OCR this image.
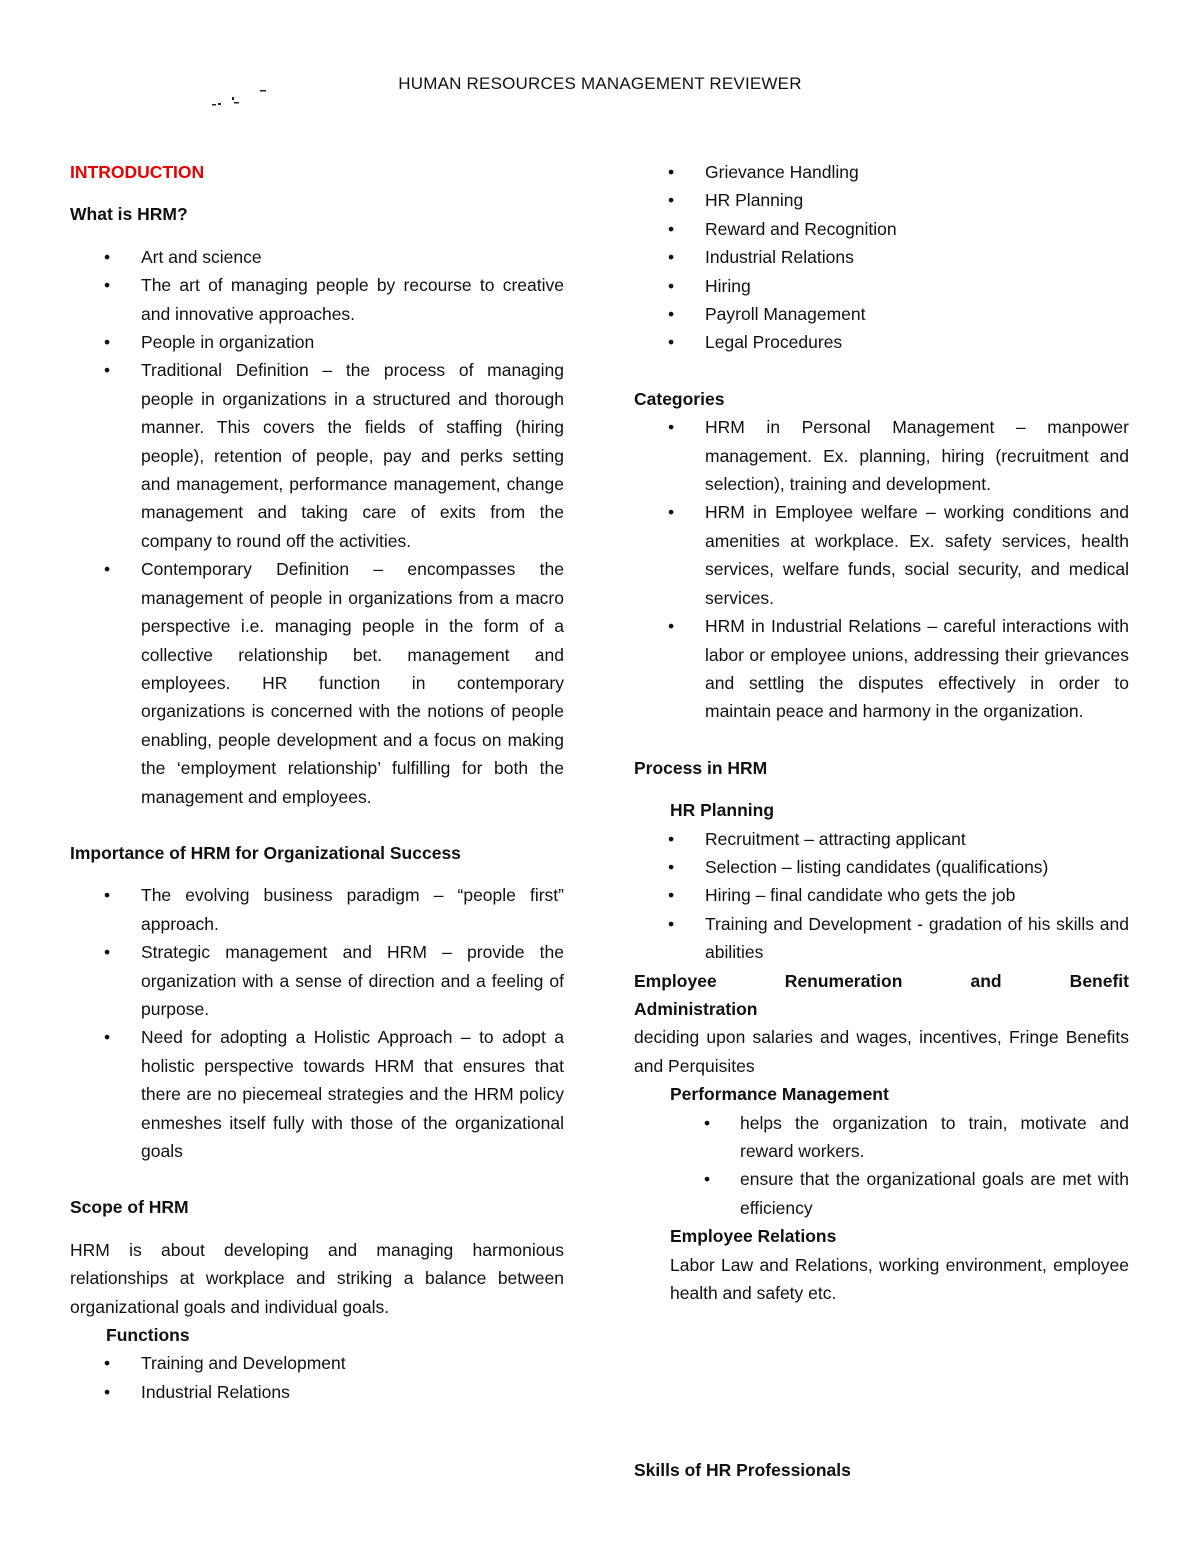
HUMAN RESOURCES MANAGEMENT REVIEWER

INTRODUCTION

What is HRM?

• Art and science
• The art of managing people by recourse to creative and innovative approaches.
• People in organization
• Traditional Definition – the process of managing people in organizations in a structured and thorough manner. This covers the fields of staffing (hiring people), retention of people, pay and perks setting and management, performance management, change management and taking care of exits from the company to round off the activities.
• Contemporary Definition – encompasses the management of people in organizations from a macro perspective i.e. managing people in the form of a collective relationship bet. management and employees. HR function in contemporary organizations is concerned with the notions of people enabling, people development and a focus on making the ‘employment relationship’ fulfilling for both the management and employees.

Importance of HRM for Organizational Success

• The evolving business paradigm – “people first” approach.
• Strategic management and HRM – provide the organization with a sense of direction and a feeling of purpose.
• Need for adopting a Holistic Approach – to adopt a holistic perspective towards HRM that ensures that there are no piecemeal strategies and the HRM policy enmeshes itself fully with those of the organizational goals

Scope of HRM

HRM is about developing and managing harmonious relationships at workplace and striking a balance between organizational goals and individual goals.

Functions

• Training and Development
• Industrial Relations
• Grievance Handling
• HR Planning
• Reward and Recognition
• Industrial Relations
• Hiring
• Payroll Management
• Legal Procedures

Categories

• HRM in Personal Management – manpower management. Ex. planning, hiring (recruitment and selection), training and development.
• HRM in Employee welfare – working conditions and amenities at workplace. Ex. safety services, health services, welfare funds, social security, and medical services.
• HRM in Industrial Relations – careful interactions with labor or employee unions, addressing their grievances and settling the disputes effectively in order to maintain peace and harmony in the organization.

Process in HRM

HR Planning

• Recruitment – attracting applicant
• Selection – listing candidates (qualifications)
• Hiring – final candidate who gets the job
• Training and Development - gradation of his skills and abilities

Employee Renumeration and Benefit

Administration

deciding upon salaries and wages, incentives, Fringe Benefits and Perquisites

Performance Management

• helps the organization to train, motivate and reward workers.
• ensure that the organizational goals are met with efficiency

Employee Relations

Labor Law and Relations, working environment, employee health and safety etc.

Skills of HR Professionals
